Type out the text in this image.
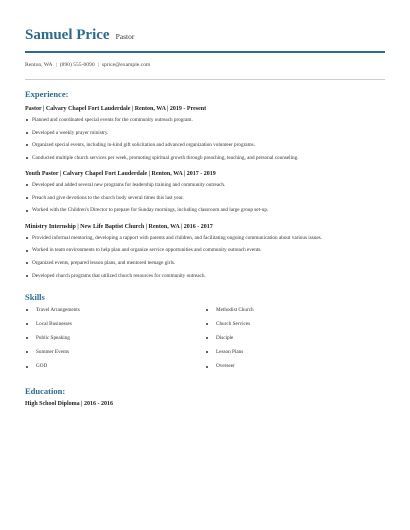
Samuel Price Pastor
Renton, WA | (890) 555-0090 | sprice@example.com
Experience:
Pastor | Calvary Chapel Fort Lauderdale | Renton, WA | 2019 - Present
Planned and coordinated special events for the community outreach program.
Developed a weekly prayer ministry.
Organized special events, including in-kind gift solicitation and advanced organization volunteer programs.
Conducted multiple church services per week, promoting spiritual growth through preaching, teaching, and personal counseling.
Youth Pastor | Calvary Chapel Fort Lauderdale | Renton, WA | 2017 - 2019
Developed and added several new programs for leadership training and community outreach.
Preach and give devotions to the church body several times this last year.
Worked with the Children's Director to prepare for Sunday mornings, including classroom and large group set-up.
Ministry Internship | New Life Baptist Church | Renton, WA | 2016 - 2017
Provided informal mentoring, developing a rapport with parents and children, and facilitating ongoing communication about various issues.
Worked in team environments to help plan and organize service opportunities and community outreach events.
Organized events, prepared lesson plans, and mentored teenage girls.
Developed church programs that utilized church resources for community outreach.
Skills
Travel Arrangements
Local Businesses
Public Speaking
Summer Events
GOD
Methodist Church
Church Services
Disciple
Lesson Plans
Overseer
Education:
High School Diploma | 2016 - 2016
